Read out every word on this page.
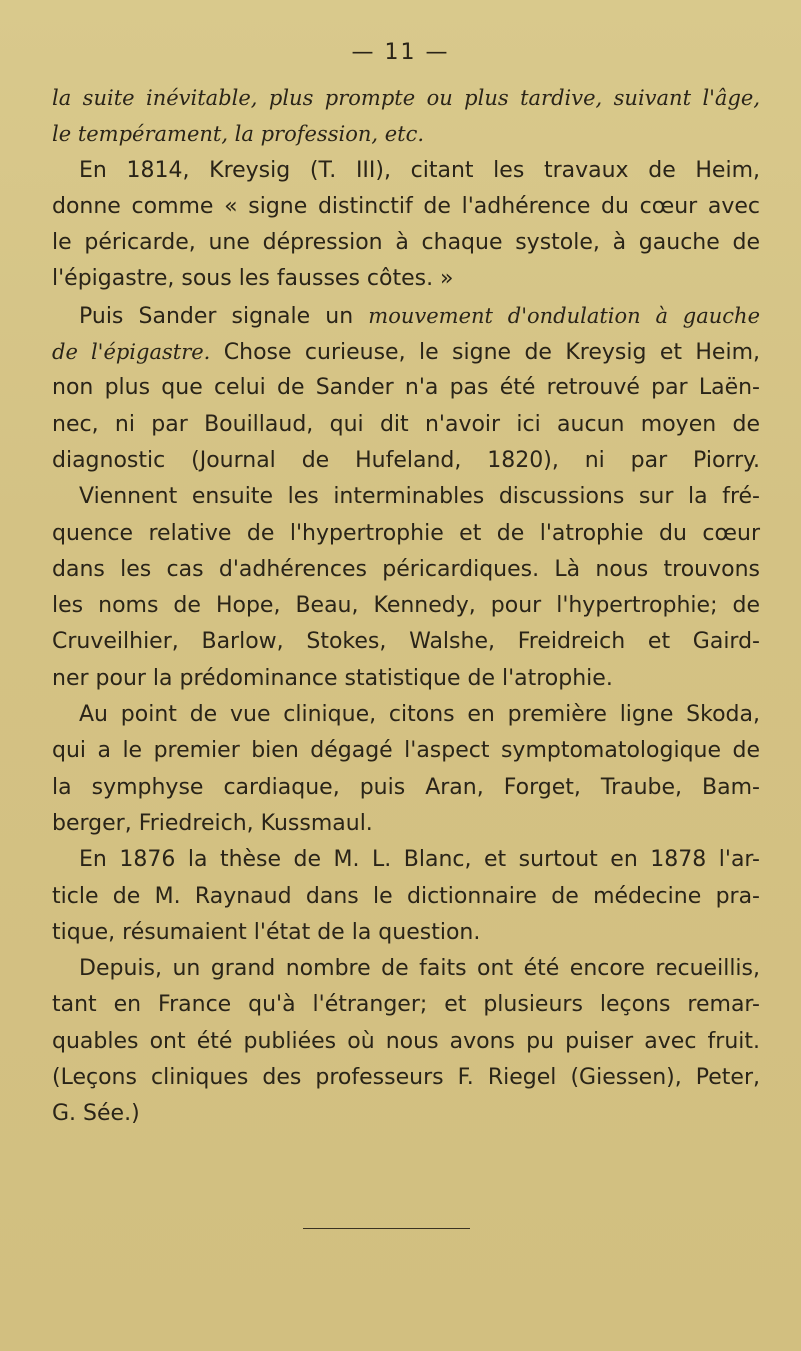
— 11 —
la suite inévitable, plus prompte ou plus tardive, suivant l'âge,
le tempérament, la profession, etc.
En 1814, Kreysig (T. III), citant les travaux de Heim,
donne comme « signe distinctif de l'adhérence du cœur avec
le péricarde, une dépression à chaque systole, à gauche de
l'épigastre, sous les fausses côtes. »
Puis Sander signale un mouvement d'ondulation à gauche
de l'épigastre. Chose curieuse, le signe de Kreysig et Heim,
non plus que celui de Sander n'a pas été retrouvé par Laën-
nec, ni par Bouillaud, qui dit n'avoir ici aucun moyen de
diagnostic (Journal de Hufeland, 1820), ni par Piorry.
Viennent ensuite les interminables discussions sur la fré-
quence relative de l'hypertrophie et de l'atrophie du cœur
dans les cas d'adhérences péricardiques. Là nous trouvons
les noms de Hope, Beau, Kennedy, pour l'hypertrophie; de
Cruveilhier, Barlow, Stokes, Walshe, Freidreich et Gaird-
ner pour la prédominance statistique de l'atrophie.
Au point de vue clinique, citons en première ligne Skoda,
qui a le premier bien dégagé l'aspect symptomatologique de
la symphyse cardiaque, puis Aran, Forget, Traube, Bam-
berger, Friedreich, Kussmaul.
En 1876 la thèse de M. L. Blanc, et surtout en 1878 l'ar-
ticle de M. Raynaud dans le dictionnaire de médecine pra-
tique, résumaient l'état de la question.
Depuis, un grand nombre de faits ont été encore recueillis,
tant en France qu'à l'étranger; et plusieurs leçons remar-
quables ont été publiées où nous avons pu puiser avec fruit.
(Leçons cliniques des professeurs F. Riegel (Giessen), Peter,
G. Sée.)
